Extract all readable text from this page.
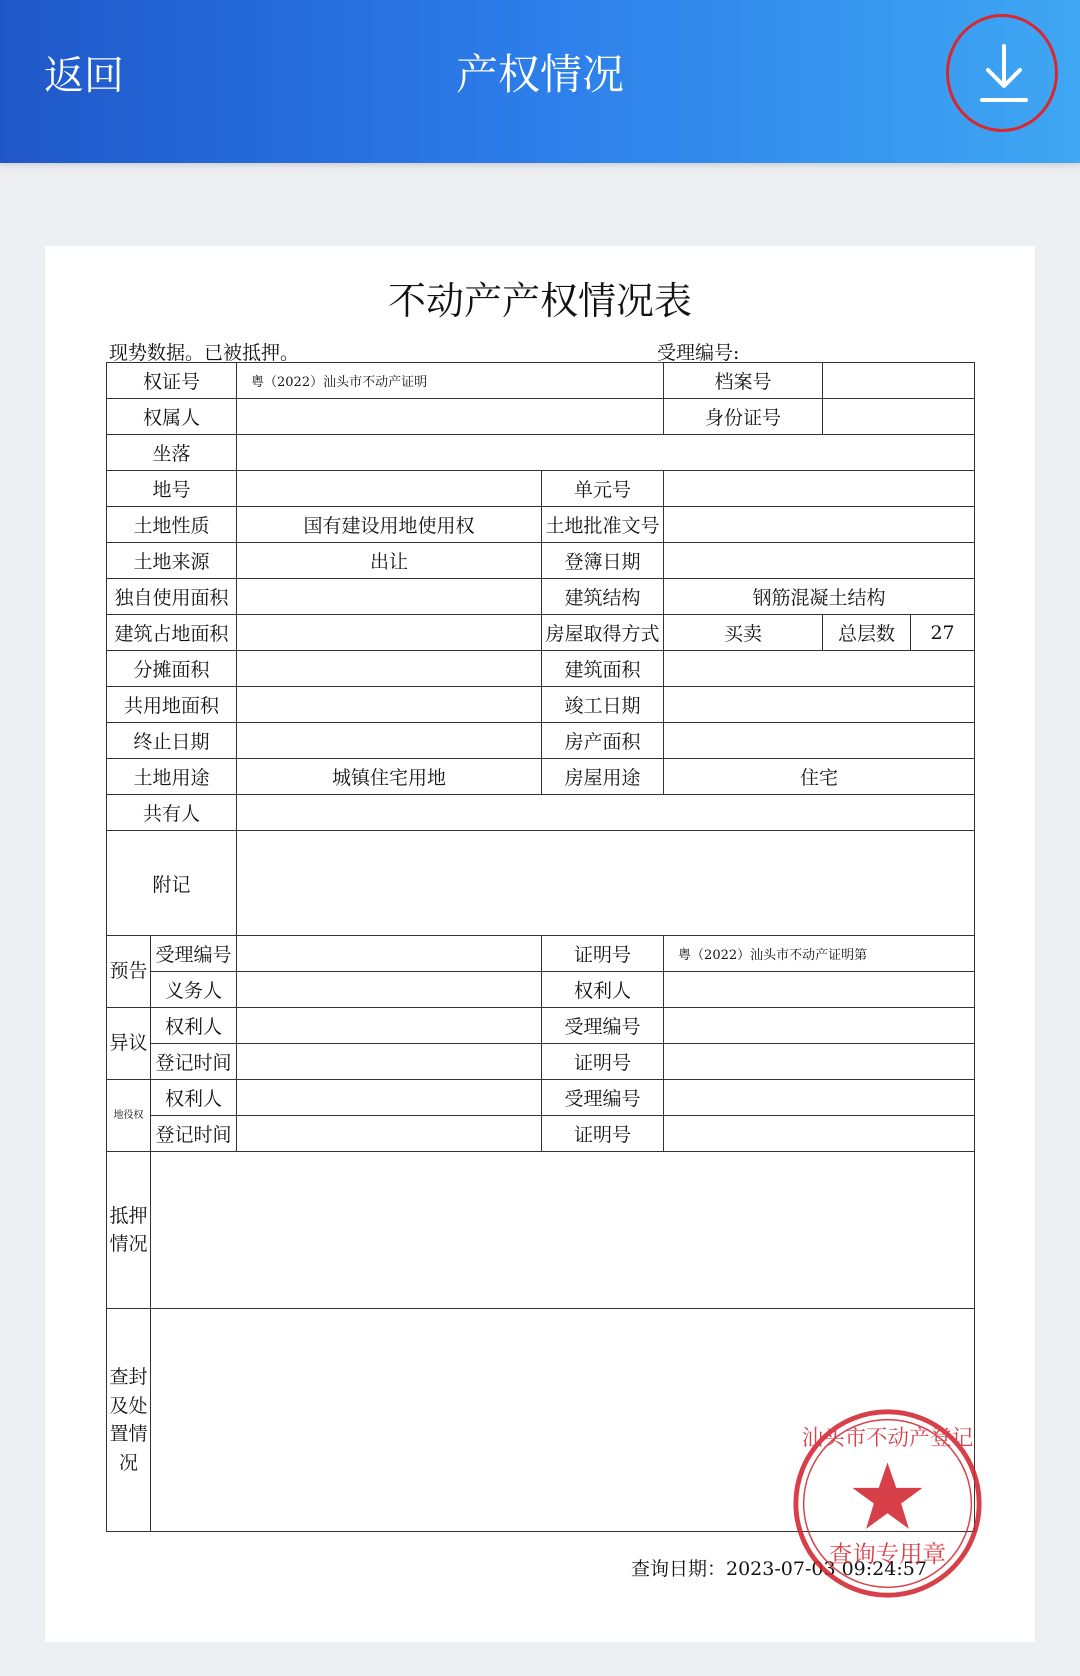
返回	产权情况
不动产产权情况表
现势数据。已被抵押。	受理编号:
权证号		粤（2022）汕头市不动产证明		档案号		
权属人				身份证号		
坐落						
地号			单元号			
土地性质		国有建设用地使用权	土地批准文号			
土地来源		出让	登簿日期			
独自使用面积			建筑结构	钢筋混凝土结构		
建筑占地面积			房屋取得方式	买卖	总层数	27
分摊面积			建筑面积			
共用地面积			竣工日期			
终止日期			房产面积			
土地用途		城镇住宅用地	房屋用途	住宅		
共有人						
附记						
预告	受理编号		证明号	粤（2022）汕头市不动产证明第		
	义务人		权利人			
异议	权利人		受理编号			
	登记时间		证明号			
地役权	权利人		受理编号			
	登记时间		证明号			
抵押情况						
查封及处置情况						
查询日期：2023-07-03 09:24:57
汕头市不动产登记
查询专用章
